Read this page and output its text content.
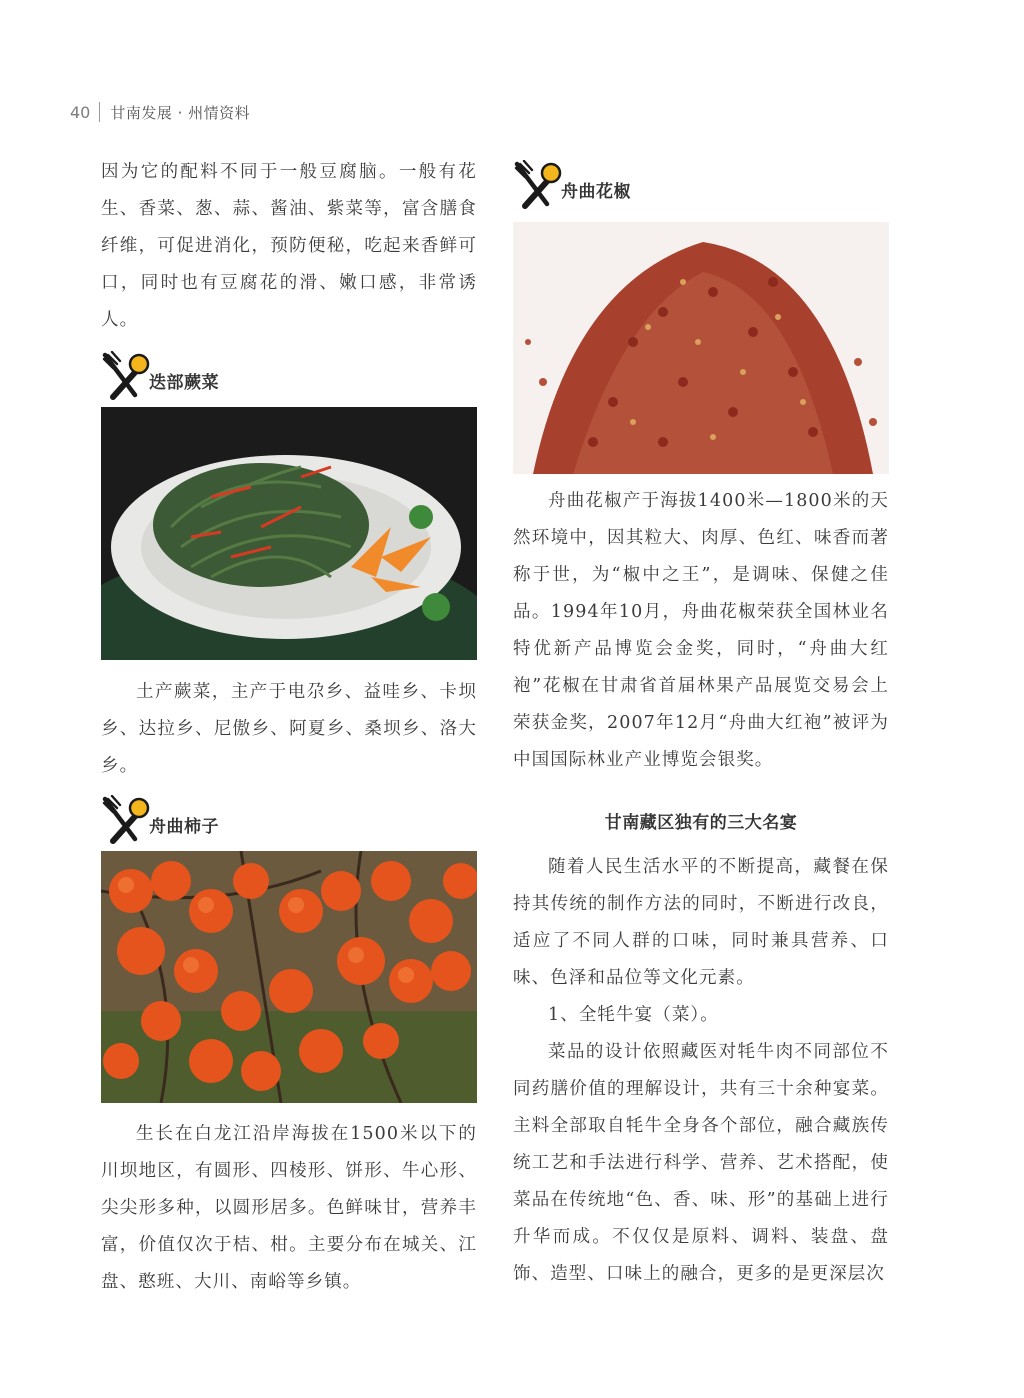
40 甘南发展 · 州情资料

因为它的配料不同于一般豆腐脑。一般有花生、香菜、葱、蒜、酱油、紫菜等，富含膳食纤维，可促进消化，预防便秘，吃起来香鲜可口，同时也有豆腐花的滑、嫩口感，非常诱人。

迭部蕨菜

土产蕨菜，主产于电尕乡、益哇乡、卡坝乡、达拉乡、尼傲乡、阿夏乡、桑坝乡、洛大乡。

舟曲柿子

生长在白龙江沿岸海拔在1500米以下的川坝地区，有圆形、四棱形、饼形、牛心形、尖尖形多种，以圆形居多。色鲜味甘，营养丰富，价值仅次于桔、柑。主要分布在城关、江盘、憨班、大川、南峪等乡镇。

舟曲花椒

舟曲花椒产于海拔1400米—1800米的天然环境中，因其粒大、肉厚、色红、味香而著称于世，为“椒中之王”，是调味、保健之佳品。1994年10月，舟曲花椒荣获全国林业名特优新产品博览会金奖，同时，“舟曲大红袍”花椒在甘肃省首届林果产品展览交易会上荣获金奖，2007年12月“舟曲大红袍”被评为中国国际林业产业博览会银奖。

甘南藏区独有的三大名宴

随着人民生活水平的不断提高，藏餐在保持其传统的制作方法的同时，不断进行改良，适应了不同人群的口味，同时兼具营养、口味、色泽和品位等文化元素。

1、全牦牛宴（菜）。

菜品的设计依照藏医对牦牛肉不同部位不同药膳价值的理解设计，共有三十余种宴菜。主料全部取自牦牛全身各个部位，融合藏族传统工艺和手法进行科学、营养、艺术搭配，使菜品在传统地“色、香、味、形”的基础上进行升华而成。不仅仅是原料、调料、装盘、盘饰、造型、口味上的融合，更多的是更深层次
